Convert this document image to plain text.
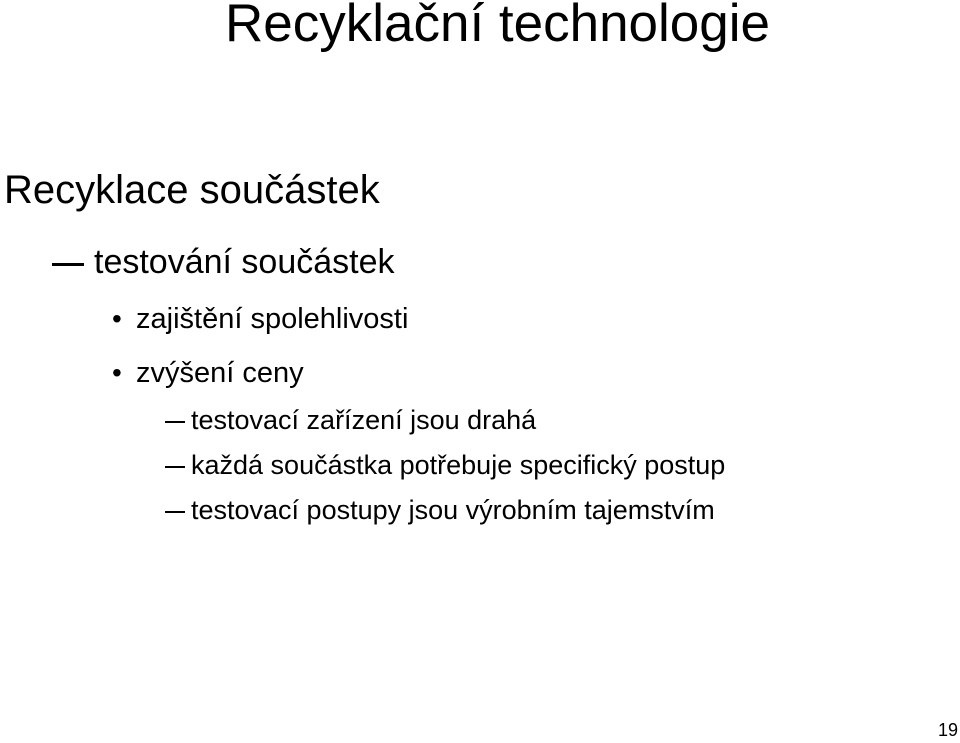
Recyklační technologie
Recyklace součástek
testování součástek
• zajištění spolehlivosti
• zvýšení ceny
testovací zařízení jsou drahá
každá součástka potřebuje specifický postup
testovací postupy jsou výrobním tajemstvím
19
